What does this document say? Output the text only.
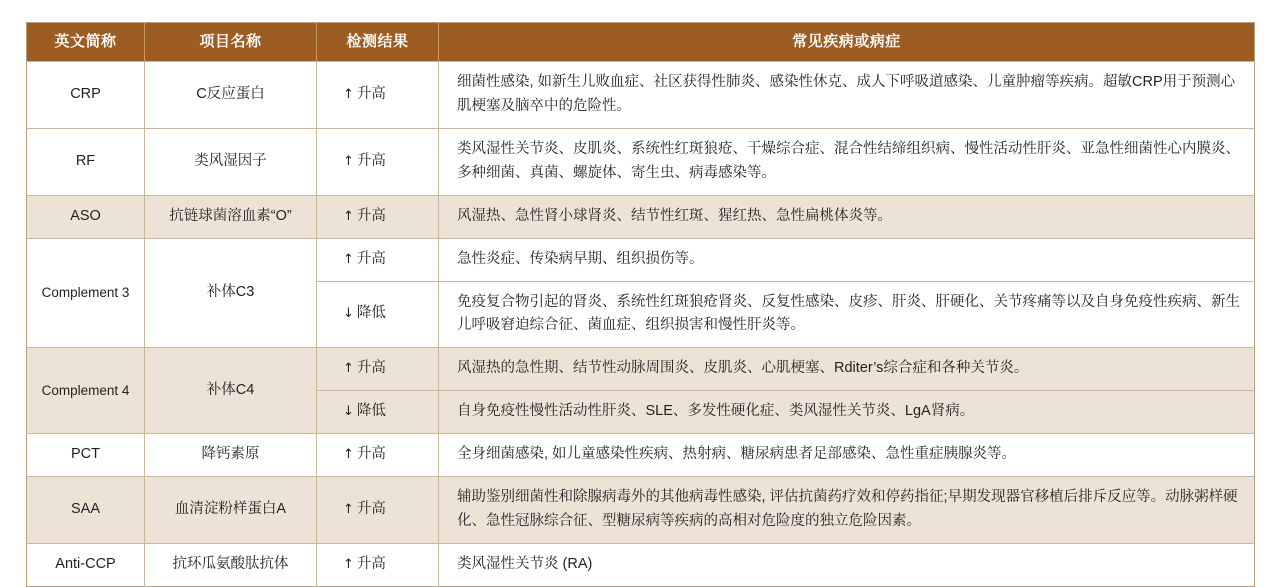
英文简称	项目名称	检测结果	常见疾病或病症
CRP	C反应蛋白	↑ 升高	细菌性感染, 如新生儿败血症、社区获得性肺炎、感染性休克、成人下呼吸道感染、儿童肿瘤等疾病。超敏CRP用于预测心肌梗塞及脑卒中的危险性。
RF	类风湿因子	↑ 升高	类风湿性关节炎、皮肌炎、系统性红斑狼疮、干燥综合症、混合性结缔组织病、慢性活动性肝炎、亚急性细菌性心内膜炎、多种细菌、真菌、螺旋体、寄生虫、病毒感染等。
ASO	抗链球菌溶血素“O”	↑ 升高	风湿热、急性肾小球肾炎、结节性红斑、猩红热、急性扁桃体炎等。
Complement 3	补体C3	↑ 升高	急性炎症、传染病早期、组织损伤等。
		↓ 降低	免疫复合物引起的肾炎、系统性红斑狼疮肾炎、反复性感染、皮疹、肝炎、肝硬化、关节疼痛等以及自身免疫性疾病、新生儿呼吸窘迫综合征、菌血症、组织损害和慢性肝炎等。
Complement 4	补体C4	↑ 升高	风湿热的急性期、结节性动脉周围炎、皮肌炎、心肌梗塞、Rditer’s综合症和各种关节炎。
		↓ 降低	自身免疫性慢性活动性肝炎、SLE、多发性硬化症、类风湿性关节炎、LgA肾病。
PCT	降钙素原	↑ 升高	全身细菌感染, 如儿童感染性疾病、热射病、糖尿病患者足部感染、急性重症胰腺炎等。
SAA	血清淀粉样蛋白A	↑ 升高	辅助鉴别细菌性和除腺病毒外的其他病毒性感染, 评估抗菌药疗效和停药指征;早期发现器官移植后排斥反应等。动脉粥样硬化、急性冠脉综合征、型糖尿病等疾病的高相对危险度的独立危险因素。
Anti-CCP	抗环瓜氨酸肽抗体	↑ 升高	类风湿性关节炎 (RA)
